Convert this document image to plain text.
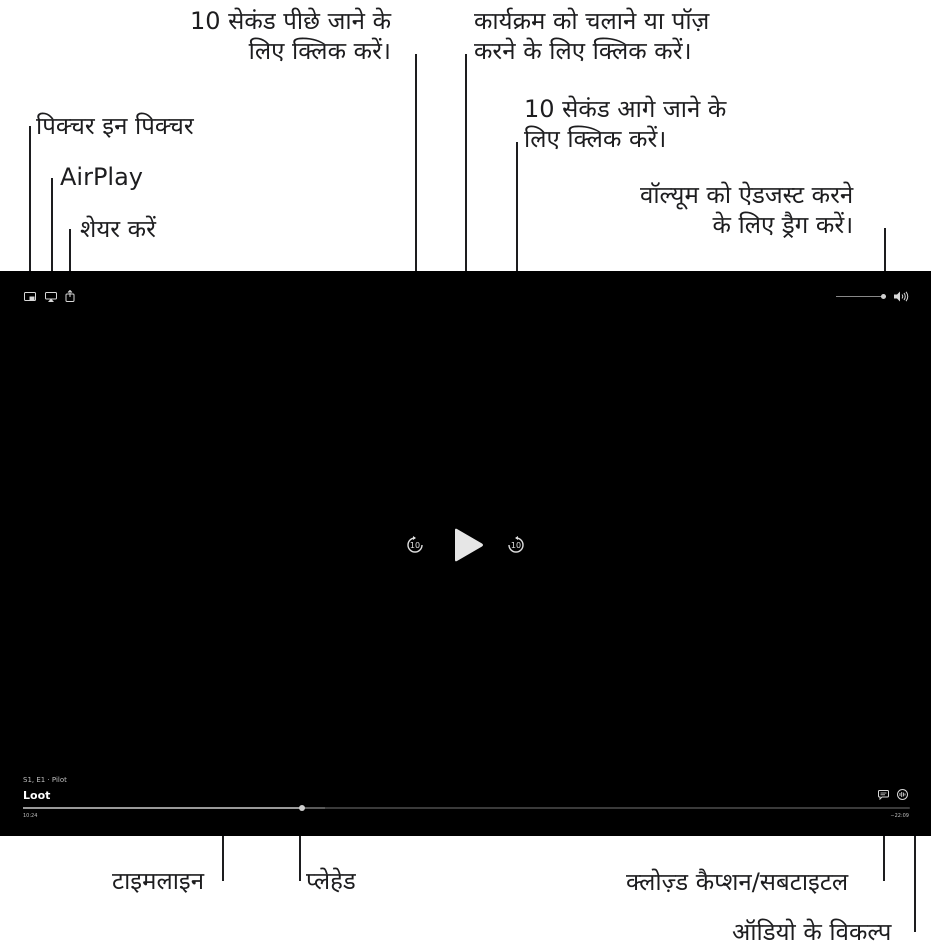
पिक्चर इन पिक्चर
AirPlay
शेयर करें
10 सेकंड पीछे जाने के
लिए क्लिक करें।
कार्यक्रम को चलाने या पॉज़
करने के लिए क्लिक करें।
10 सेकंड आगे जाने के
लिए क्लिक करें।
वॉल्यूम को ऐडजस्ट करने
के लिए ड्रैग करें।
टाइमलाइन	प्लेहेड	क्लोज़्ड कैप्शन/सबटाइटल
ऑडियो के विकल्प
10	10
S1, E1 · Pilot
Loot
10:24	−22:09
